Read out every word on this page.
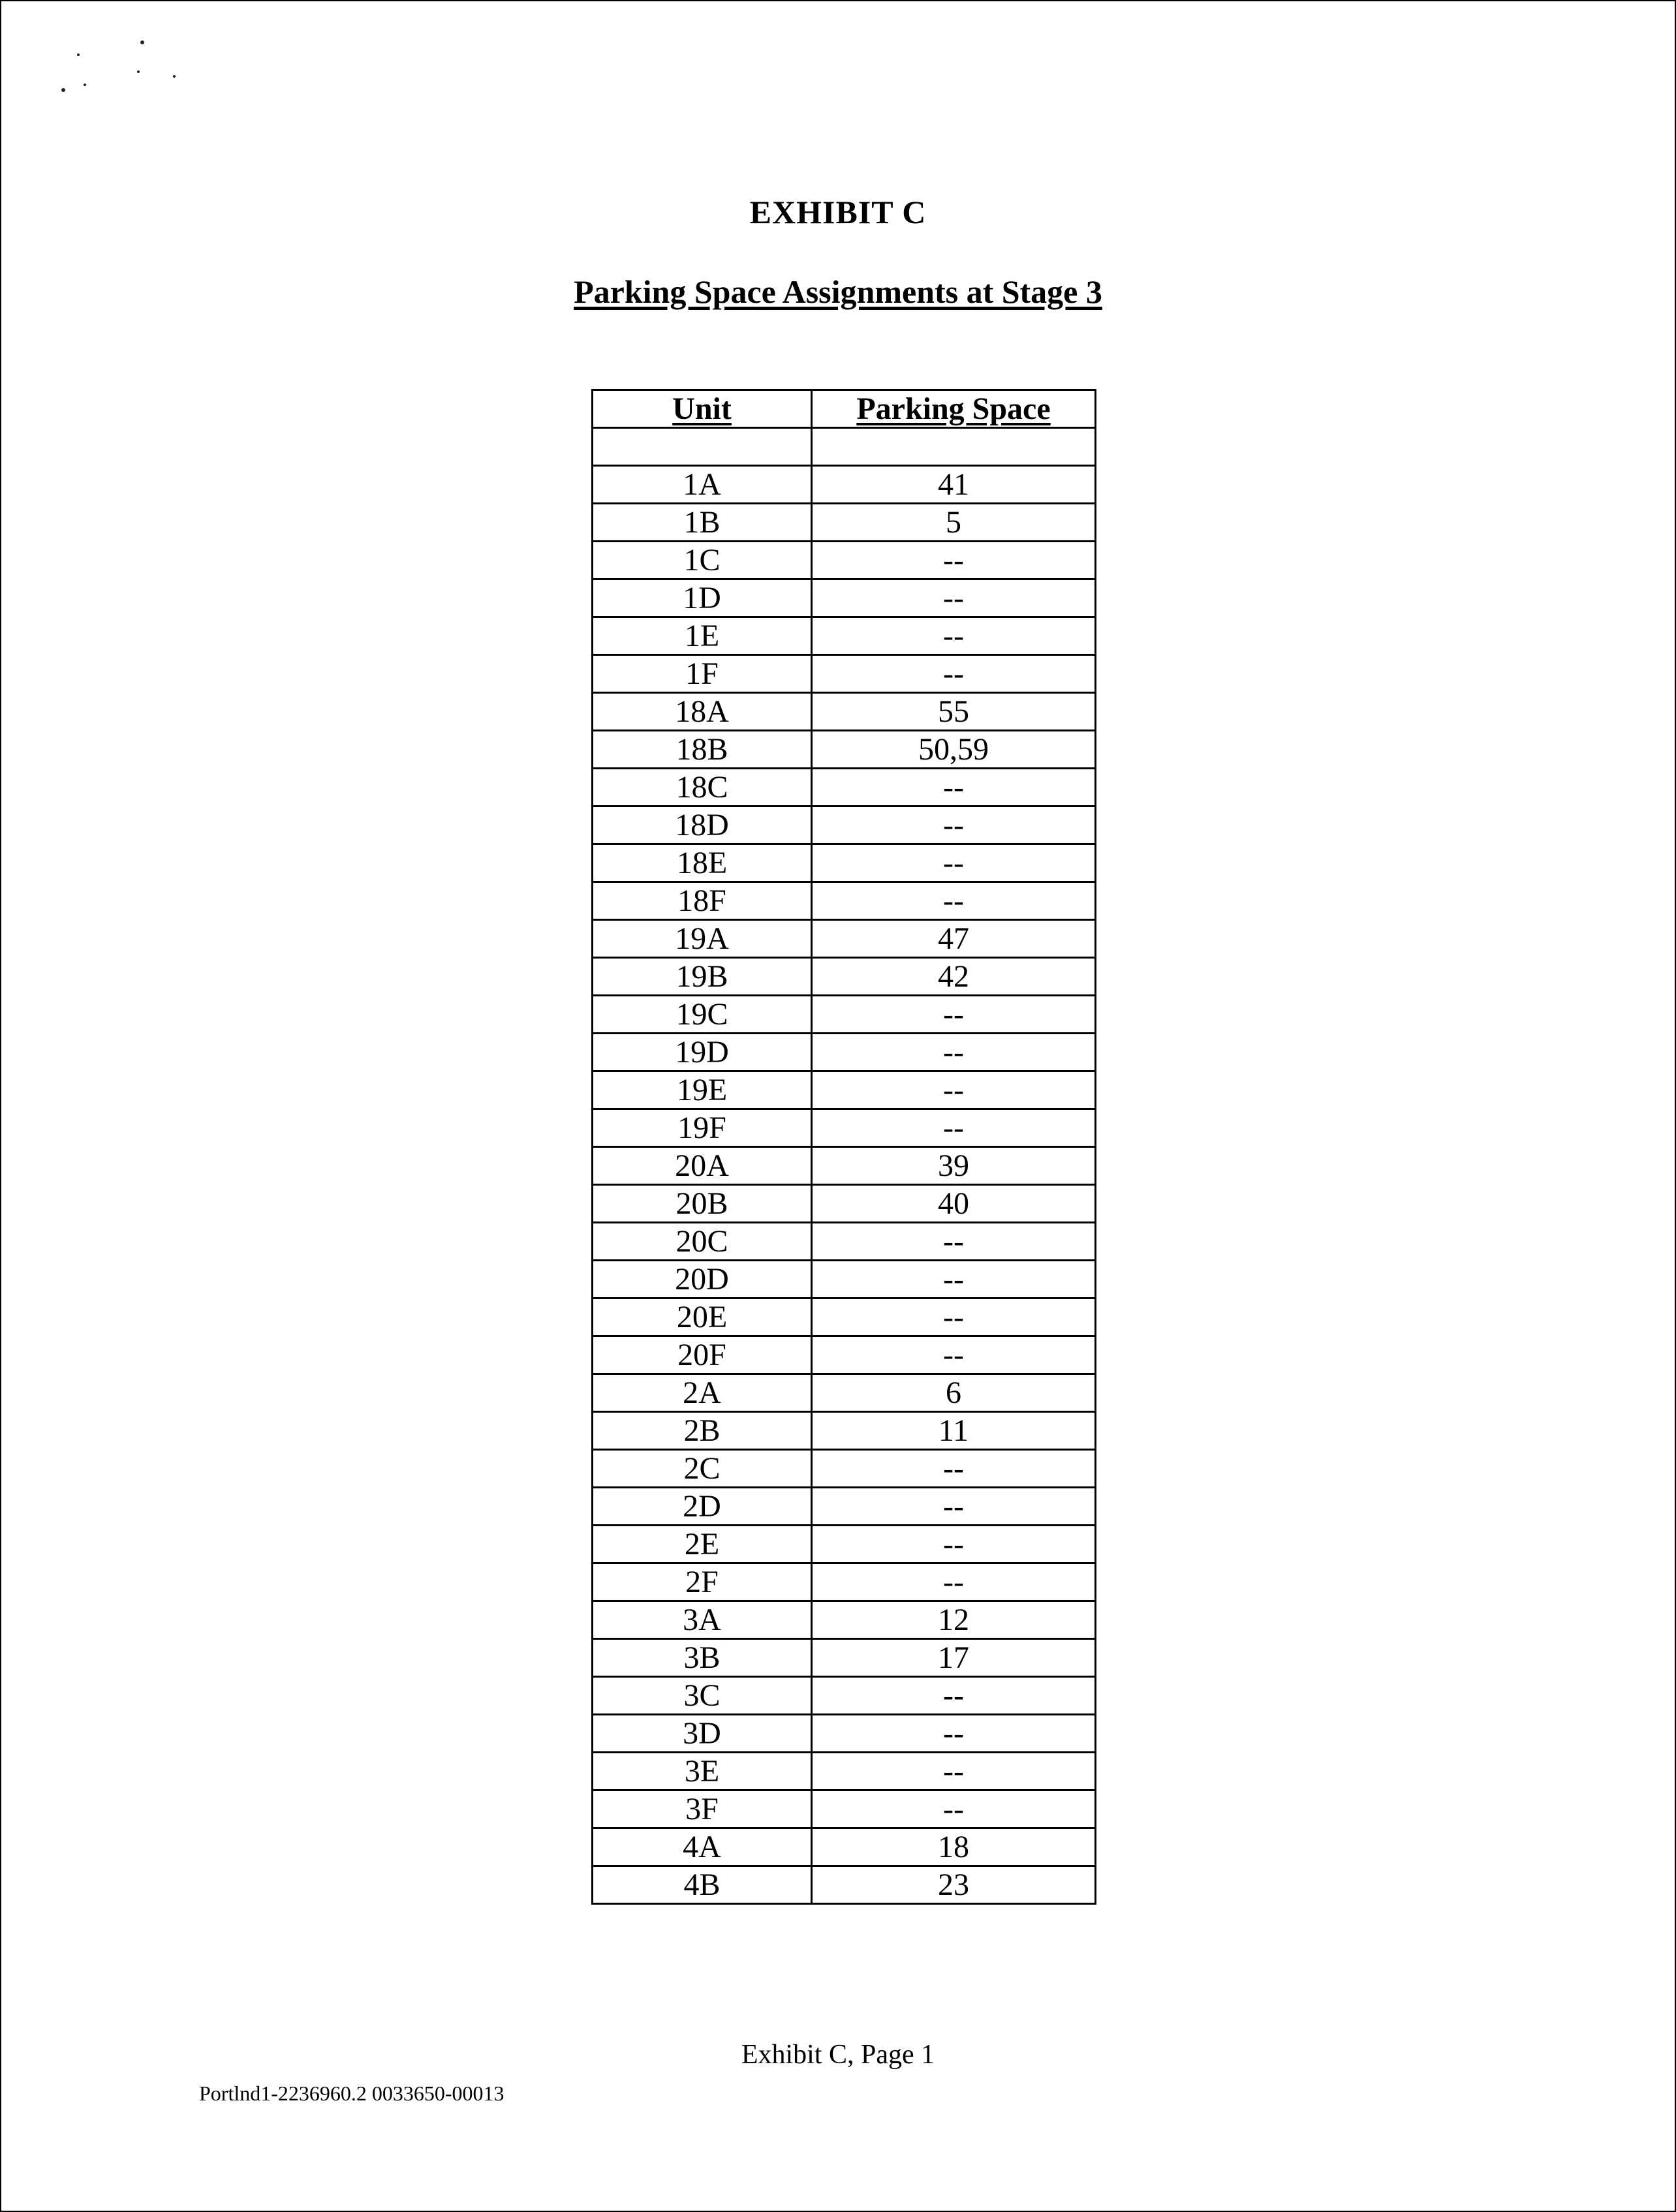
EXHIBIT C
Parking Space Assignments at Stage 3
Unit	Parking Space

1A	41
1B	5
1C	--
1D	--
1E	--
1F	--
18A	55
18B	50,59
18C	--
18D	--
18E	--
18F	--
19A	47
19B	42
19C	--
19D	--
19E	--
19F	--
20A	39
20B	40
20C	--
20D	--
20E	--
20F	--
2A	6
2B	11
2C	--
2D	--
2E	--
2F	--
3A	12
3B	17
3C	--
3D	--
3E	--
3F	--
4A	18
4B	23
Exhibit C, Page 1
Portlnd1-2236960.2 0033650-00013
